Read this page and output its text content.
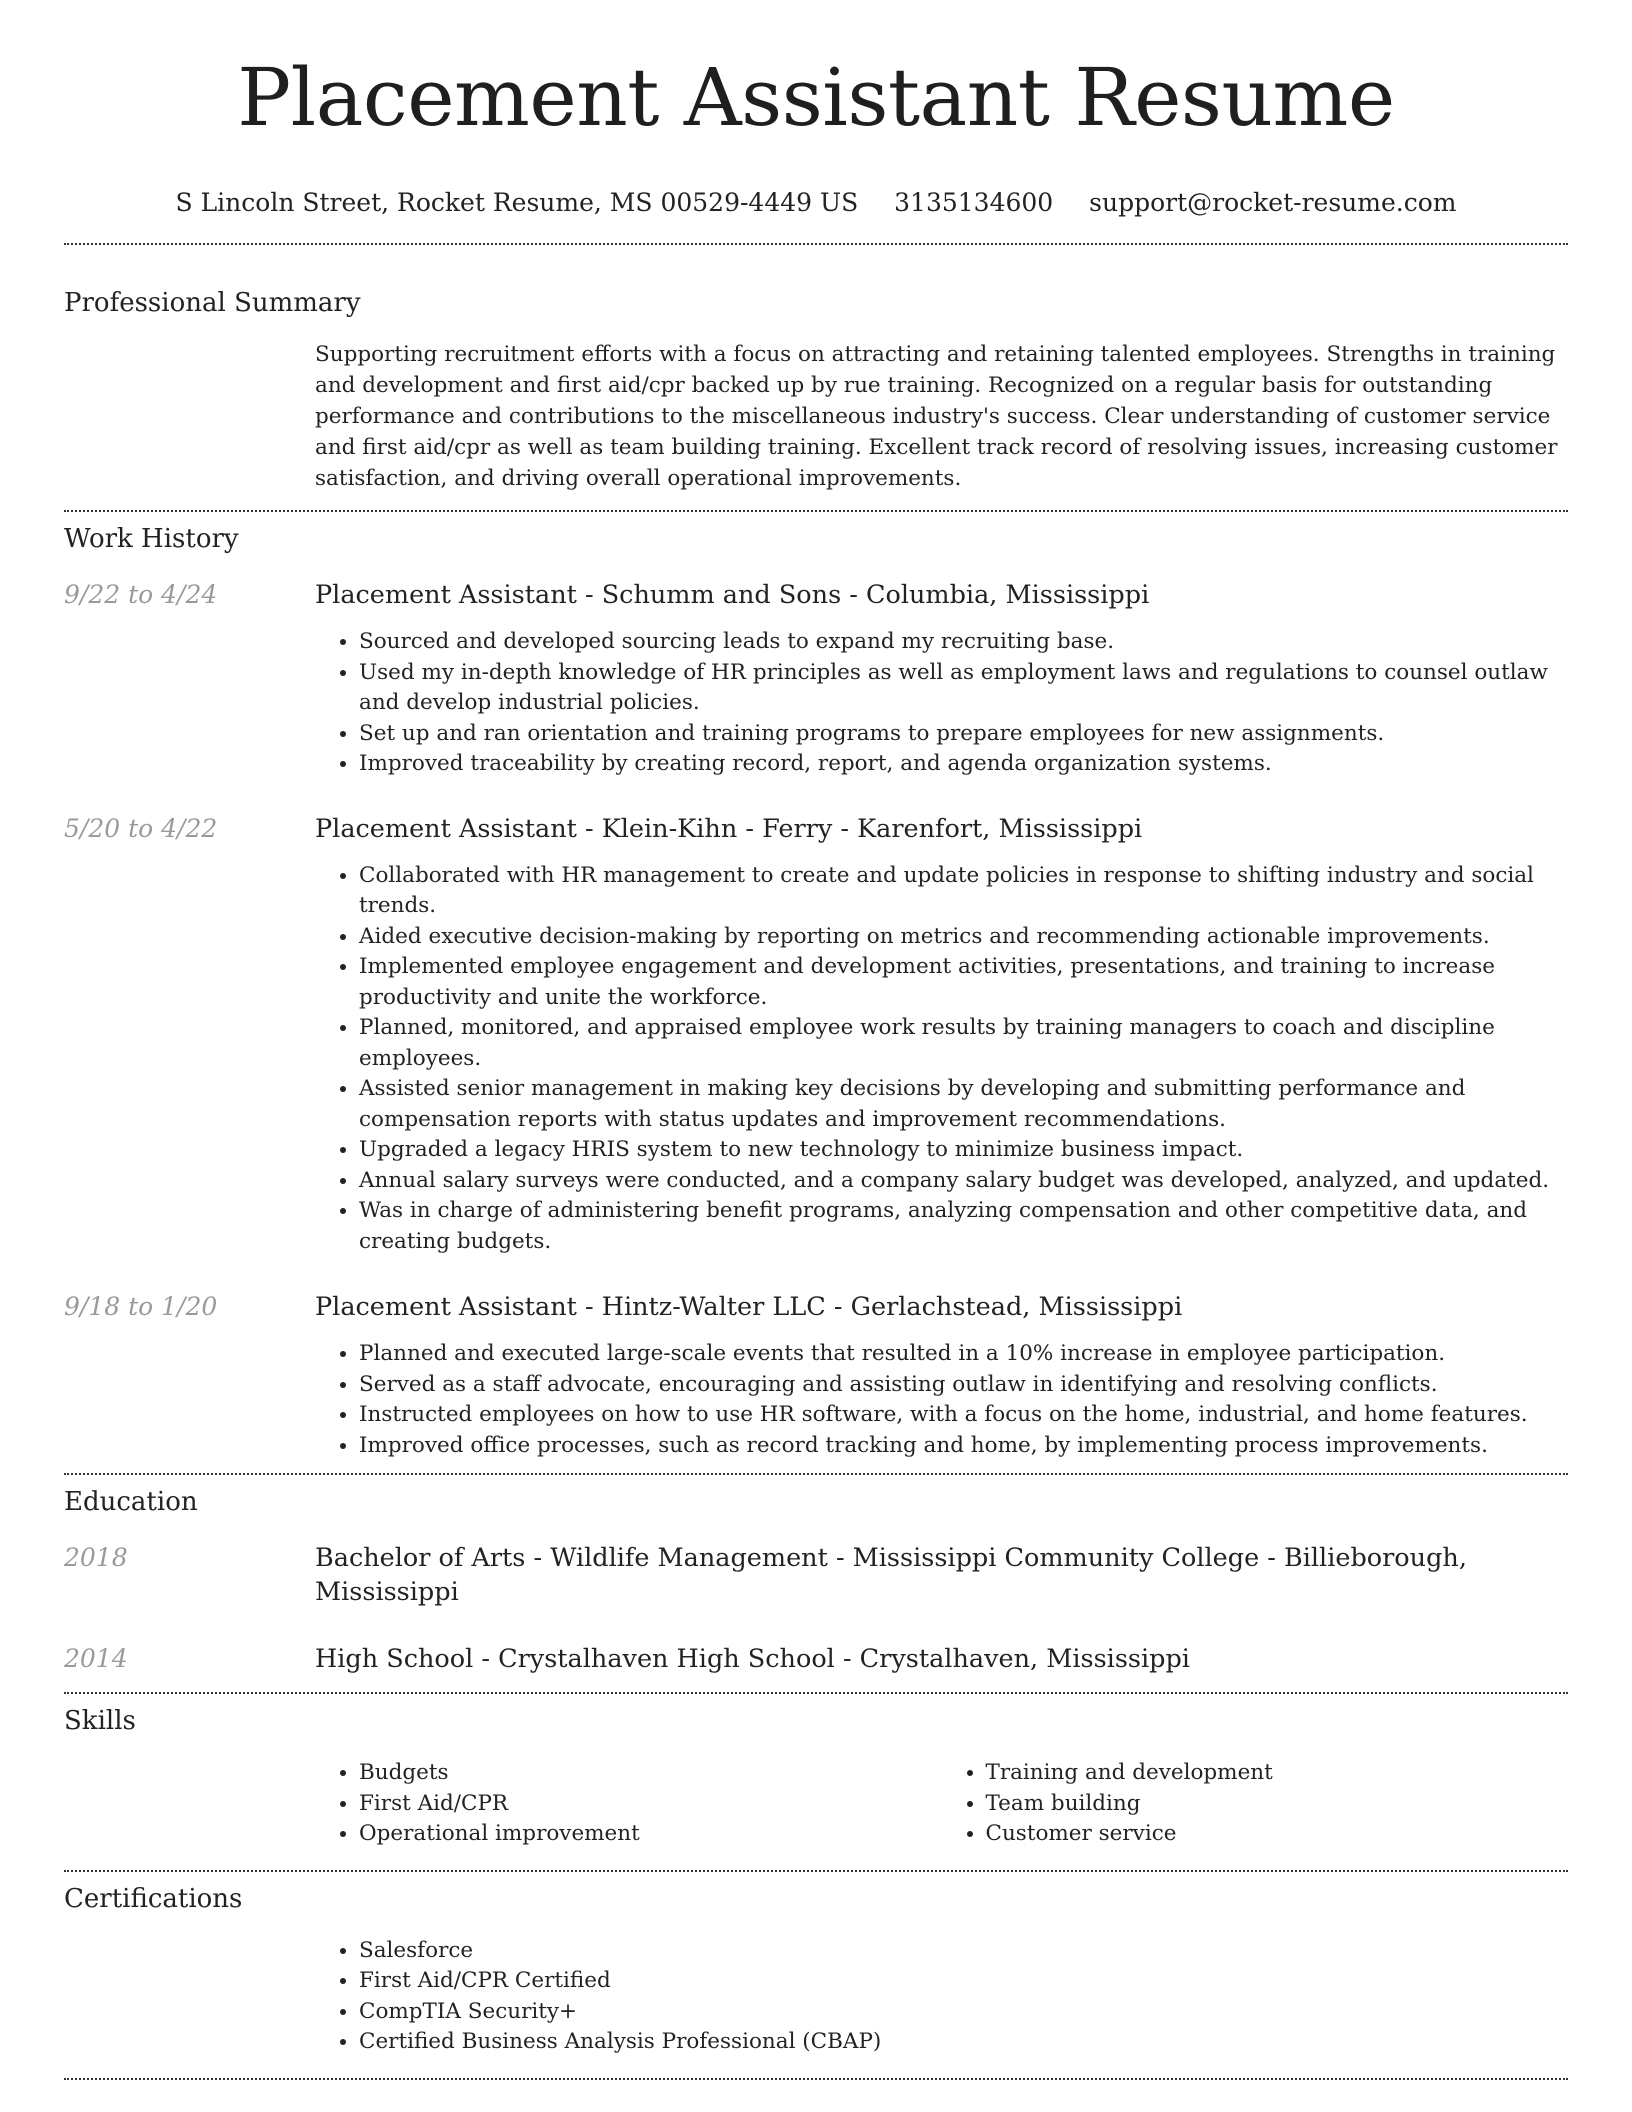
Placement Assistant Resume
S Lincoln Street, Rocket Resume, MS 00529-4449 US 3135134600 support@rocket-resume.com
Professional Summary

Supporting recruitment efforts with a focus on attracting and retaining talented employees. Strengths in training and development and first aid/cpr backed up by rue training. Recognized on a regular basis for outstanding performance and contributions to the miscellaneous industry's success. Clear understanding of customer service and first aid/cpr as well as team building training. Excellent track record of resolving issues, increasing customer satisfaction, and driving overall operational improvements.

Work History
9/22 to 4/24	Placement Assistant - Schumm and Sons - Columbia, Mississippi

• Sourced and developed sourcing leads to expand my recruiting base.
• Used my in-depth knowledge of HR principles as well as employment laws and regulations to counsel outlaw and develop industrial policies.
• Set up and ran orientation and training programs to prepare employees for new assignments.
• Improved traceability by creating record, report, and agenda organization systems.
5/20 to 4/22	Placement Assistant - Klein-Kihn - Ferry - Karenfort, Mississippi

• Collaborated with HR management to create and update policies in response to shifting industry and social trends.
• Aided executive decision-making by reporting on metrics and recommending actionable improvements.
• Implemented employee engagement and development activities, presentations, and training to increase productivity and unite the workforce.
• Planned, monitored, and appraised employee work results by training managers to coach and discipline employees.
• Assisted senior management in making key decisions by developing and submitting performance and compensation reports with status updates and improvement recommendations.
• Upgraded a legacy HRIS system to new technology to minimize business impact.
• Annual salary surveys were conducted, and a company salary budget was developed, analyzed, and updated.
• Was in charge of administering benefit programs, analyzing compensation and other competitive data, and creating budgets.
9/18 to 1/20	Placement Assistant - Hintz-Walter LLC - Gerlachstead, Mississippi

• Planned and executed large-scale events that resulted in a 10% increase in employee participation.
• Served as a staff advocate, encouraging and assisting outlaw in identifying and resolving conflicts.
• Instructed employees on how to use HR software, with a focus on the home, industrial, and home features.
• Improved office processes, such as record tracking and home, by implementing process improvements.
Education
2018	Bachelor of Arts - Wildlife Management - Mississippi Community College - Billieborough, Mississippi

2014	High School - Crystalhaven High School - Crystalhaven, Mississippi

Skills
• Budgets
• First Aid/CPR
• Operational improvement
• Training and development
• Team building
• Customer service
Certifications
• Salesforce
• First Aid/CPR Certified
• CompTIA Security+
• Certified Business Analysis Professional (CBAP)
